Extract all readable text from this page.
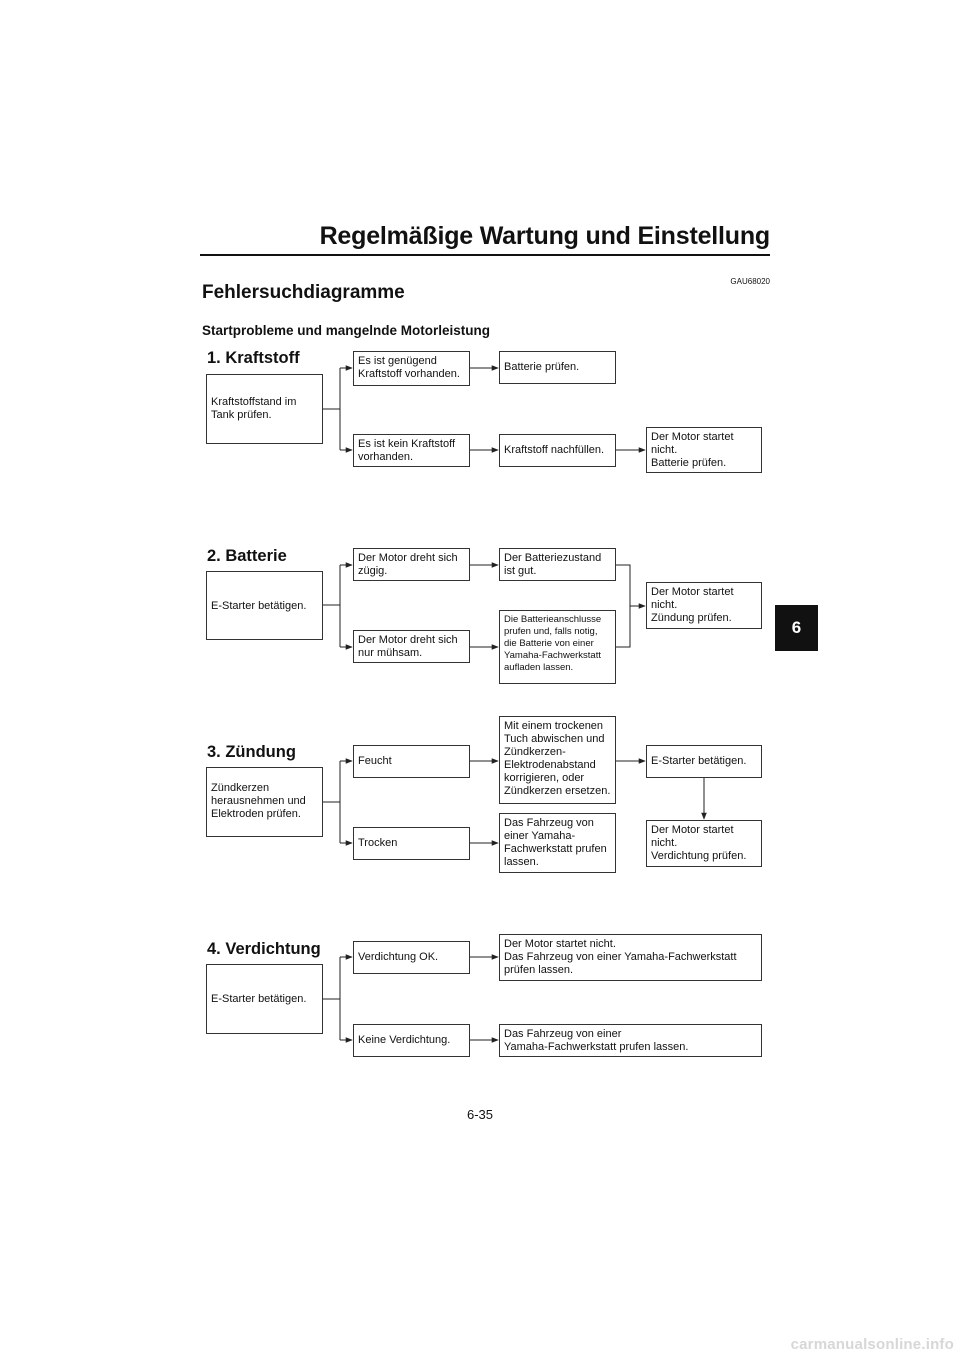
Regelmäßige Wartung und Einstellung
GAU68020
Fehlersuchdiagramme
Startprobleme und mangelnde Motorleistung
6
1. Kraftstoff
Kraftstoffstand im
Tank prüfen.
Es ist genügend
Kraftstoff vorhanden.
Batterie prüfen.
Es ist kein Kraftstoff
vorhanden.
Kraftstoff nachfüllen.
Der Motor startet
nicht.
Batterie prüfen.
2. Batterie
E-Starter betätigen.
Der Motor dreht sich
zügig.
Der Batteriezustand
ist gut.
Der Motor dreht sich
nur mühsam.
Die Batterieanschlusse
prufen und, falls notig,
die Batterie von einer
Yamaha-Fachwerkstatt
aufladen lassen.
Der Motor startet
nicht.
Zündung prüfen.
3. Zündung
Zündkerzen
herausnehmen und
Elektroden prüfen.
Feucht
Mit einem trockenen
Tuch abwischen und
Zündkerzen-
Elektrodenabstand
korrigieren, oder
Zündkerzen ersetzen.
E-Starter betätigen.
Trocken
Das Fahrzeug von
einer Yamaha-
Fachwerkstatt prufen
lassen.
Der Motor startet
nicht.
Verdichtung prüfen.
4. Verdichtung
E-Starter betätigen.
Verdichtung OK.
Der Motor startet nicht.
Das Fahrzeug von einer Yamaha-Fachwerkstatt
prüfen lassen.
Keine Verdichtung.	Das Fahrzeug von einer
Yamaha-Fachwerkstatt prufen lassen.
6-35
carmanualsonline.info
